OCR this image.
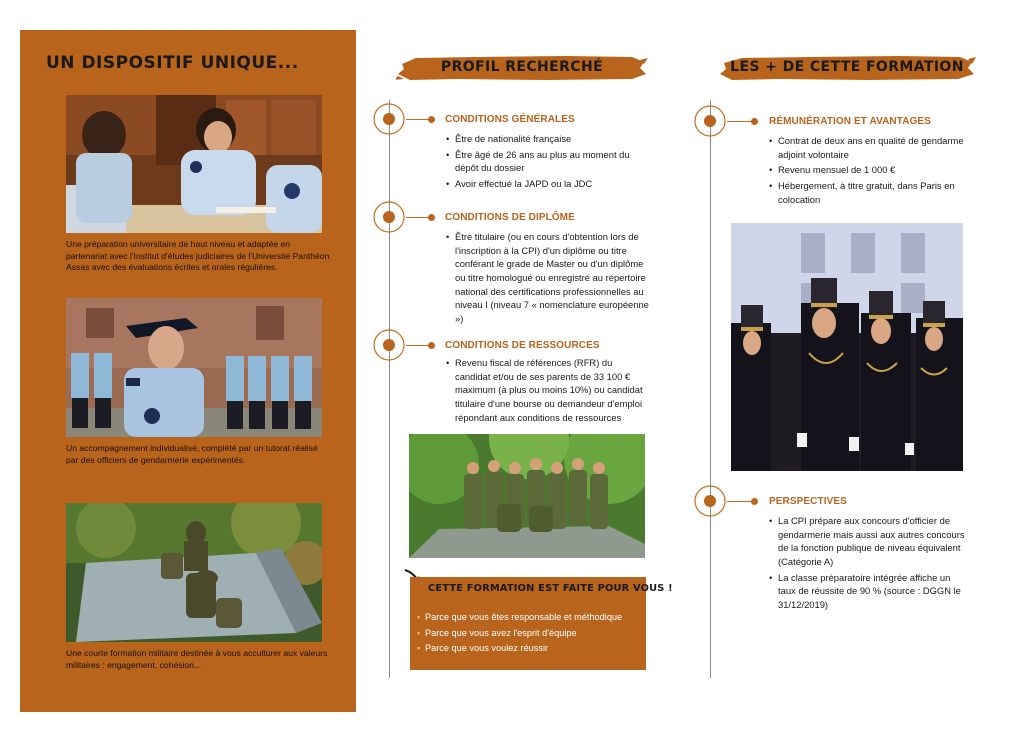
UN DISPOSITIF UNIQUE...
Une préparation universitaire de haut niveau et adaptée en partenariat avec l'Institut d'études judiciaires de l'Université Panthéon Assas avec des évaluations écrites et orales régulières.
Un accompagnement individualisé, complété par un tutorat réalisé par des officiers de gendarmerie expérimentés.
Une courte formation militaire destinée à vous acculturer aux valeurs militaires : engagement, cohésion...
PROFIL RECHERCHÉ
CONDITIONS GÉNÉRALES
• Être de nationalité française
• Être âgé de 26 ans au plus au moment du dépôt du dossier
• Avoir effectué la JAPD ou la JDC
CONDITIONS DE DIPLÔME
• Être titulaire (ou en cours d'obtention lors de l'inscription à la CPI) d'un diplôme ou titre conférant le grade de Master ou d'un diplôme ou titre homologué ou enregistré au répertoire national des certifications professionnelles au niveau I (niveau 7 « nomenclature européenne »)
CONDITIONS DE RESSOURCES
• Revenu fiscal de références (RFR) du candidat et/ou de ses parents de 33 100 € maximum (à plus ou moins 10%) ou candidat titulaire d'une bourse ou demandeur d'emploi répondant aux conditions de ressources
CETTE FORMATION EST FAITE POUR VOUS !
▪ Parce que vous êtes responsable et méthodique
▪ Parce que vous avez l'esprit d'équipe
▪ Parce que vous voulez réussir
LES + DE CETTE FORMATION
RÉMUNÉRATION ET AVANTAGES
• Contrat de deux ans en qualité de gendarme adjoint volontaire
• Revenu mensuel de 1 000 €
• Hébergement, à titre gratuit, dans Paris en colocation
PERSPECTIVES
• La CPI prépare aux concours d'officier de gendarmerie mais aussi aux autres concours de la fonction publique de niveau équivalent (Catégorie A)
• La classe préparatoire intégrée affiche un taux de réussite de 90 % (source : DGGN le 31/12/2019)
